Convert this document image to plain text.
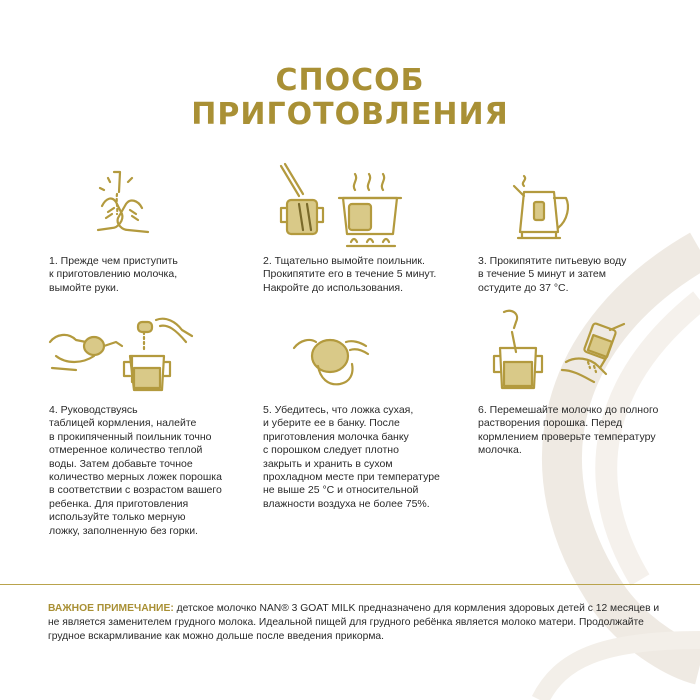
СПОСОБ
ПРИГОТОВЛЕНИЯ
1. Прежде чем приступить
к приготовлению молочка,
вымойте руки.
2. Тщательно вымойте поильник.
Прокипятите его в течение 5 минут.
Накройте до использования.
3. Прокипятите питьевую воду
в течение 5 минут и затем
остудите до 37 °С.
4. Руководствуясь
таблицей кормления, налейте
в прокипяченный поильник точно
отмеренное количество теплой
воды. Затем добавьте точное
количество мерных ложек порошка
в соответствии с возрастом вашего
ребенка. Для приготовления
используйте только мерную
ложку, заполненную без горки.
5. Убедитесь, что ложка сухая,
и уберите ее в банку. После
приготовления молочка банку
с порошком следует плотно
закрыть и хранить в сухом
прохладном месте при температуре
не выше 25 °С и относительной
влажности воздуха не более 75%.
6. Перемешайте молочко до полного
растворения порошка. Перед
кормлением проверьте температуру
молочка.
ВАЖНОЕ ПРИМЕЧАНИЕ: детское молочко NAN® 3 GOAT MILK предназначено для кормления здоровых детей с 12 месяцев и не является заменителем грудного молока. Идеальной пищей для грудного ребёнка является молоко матери. Продолжайте грудное вскармливание как можно дольше после введения прикорма.
